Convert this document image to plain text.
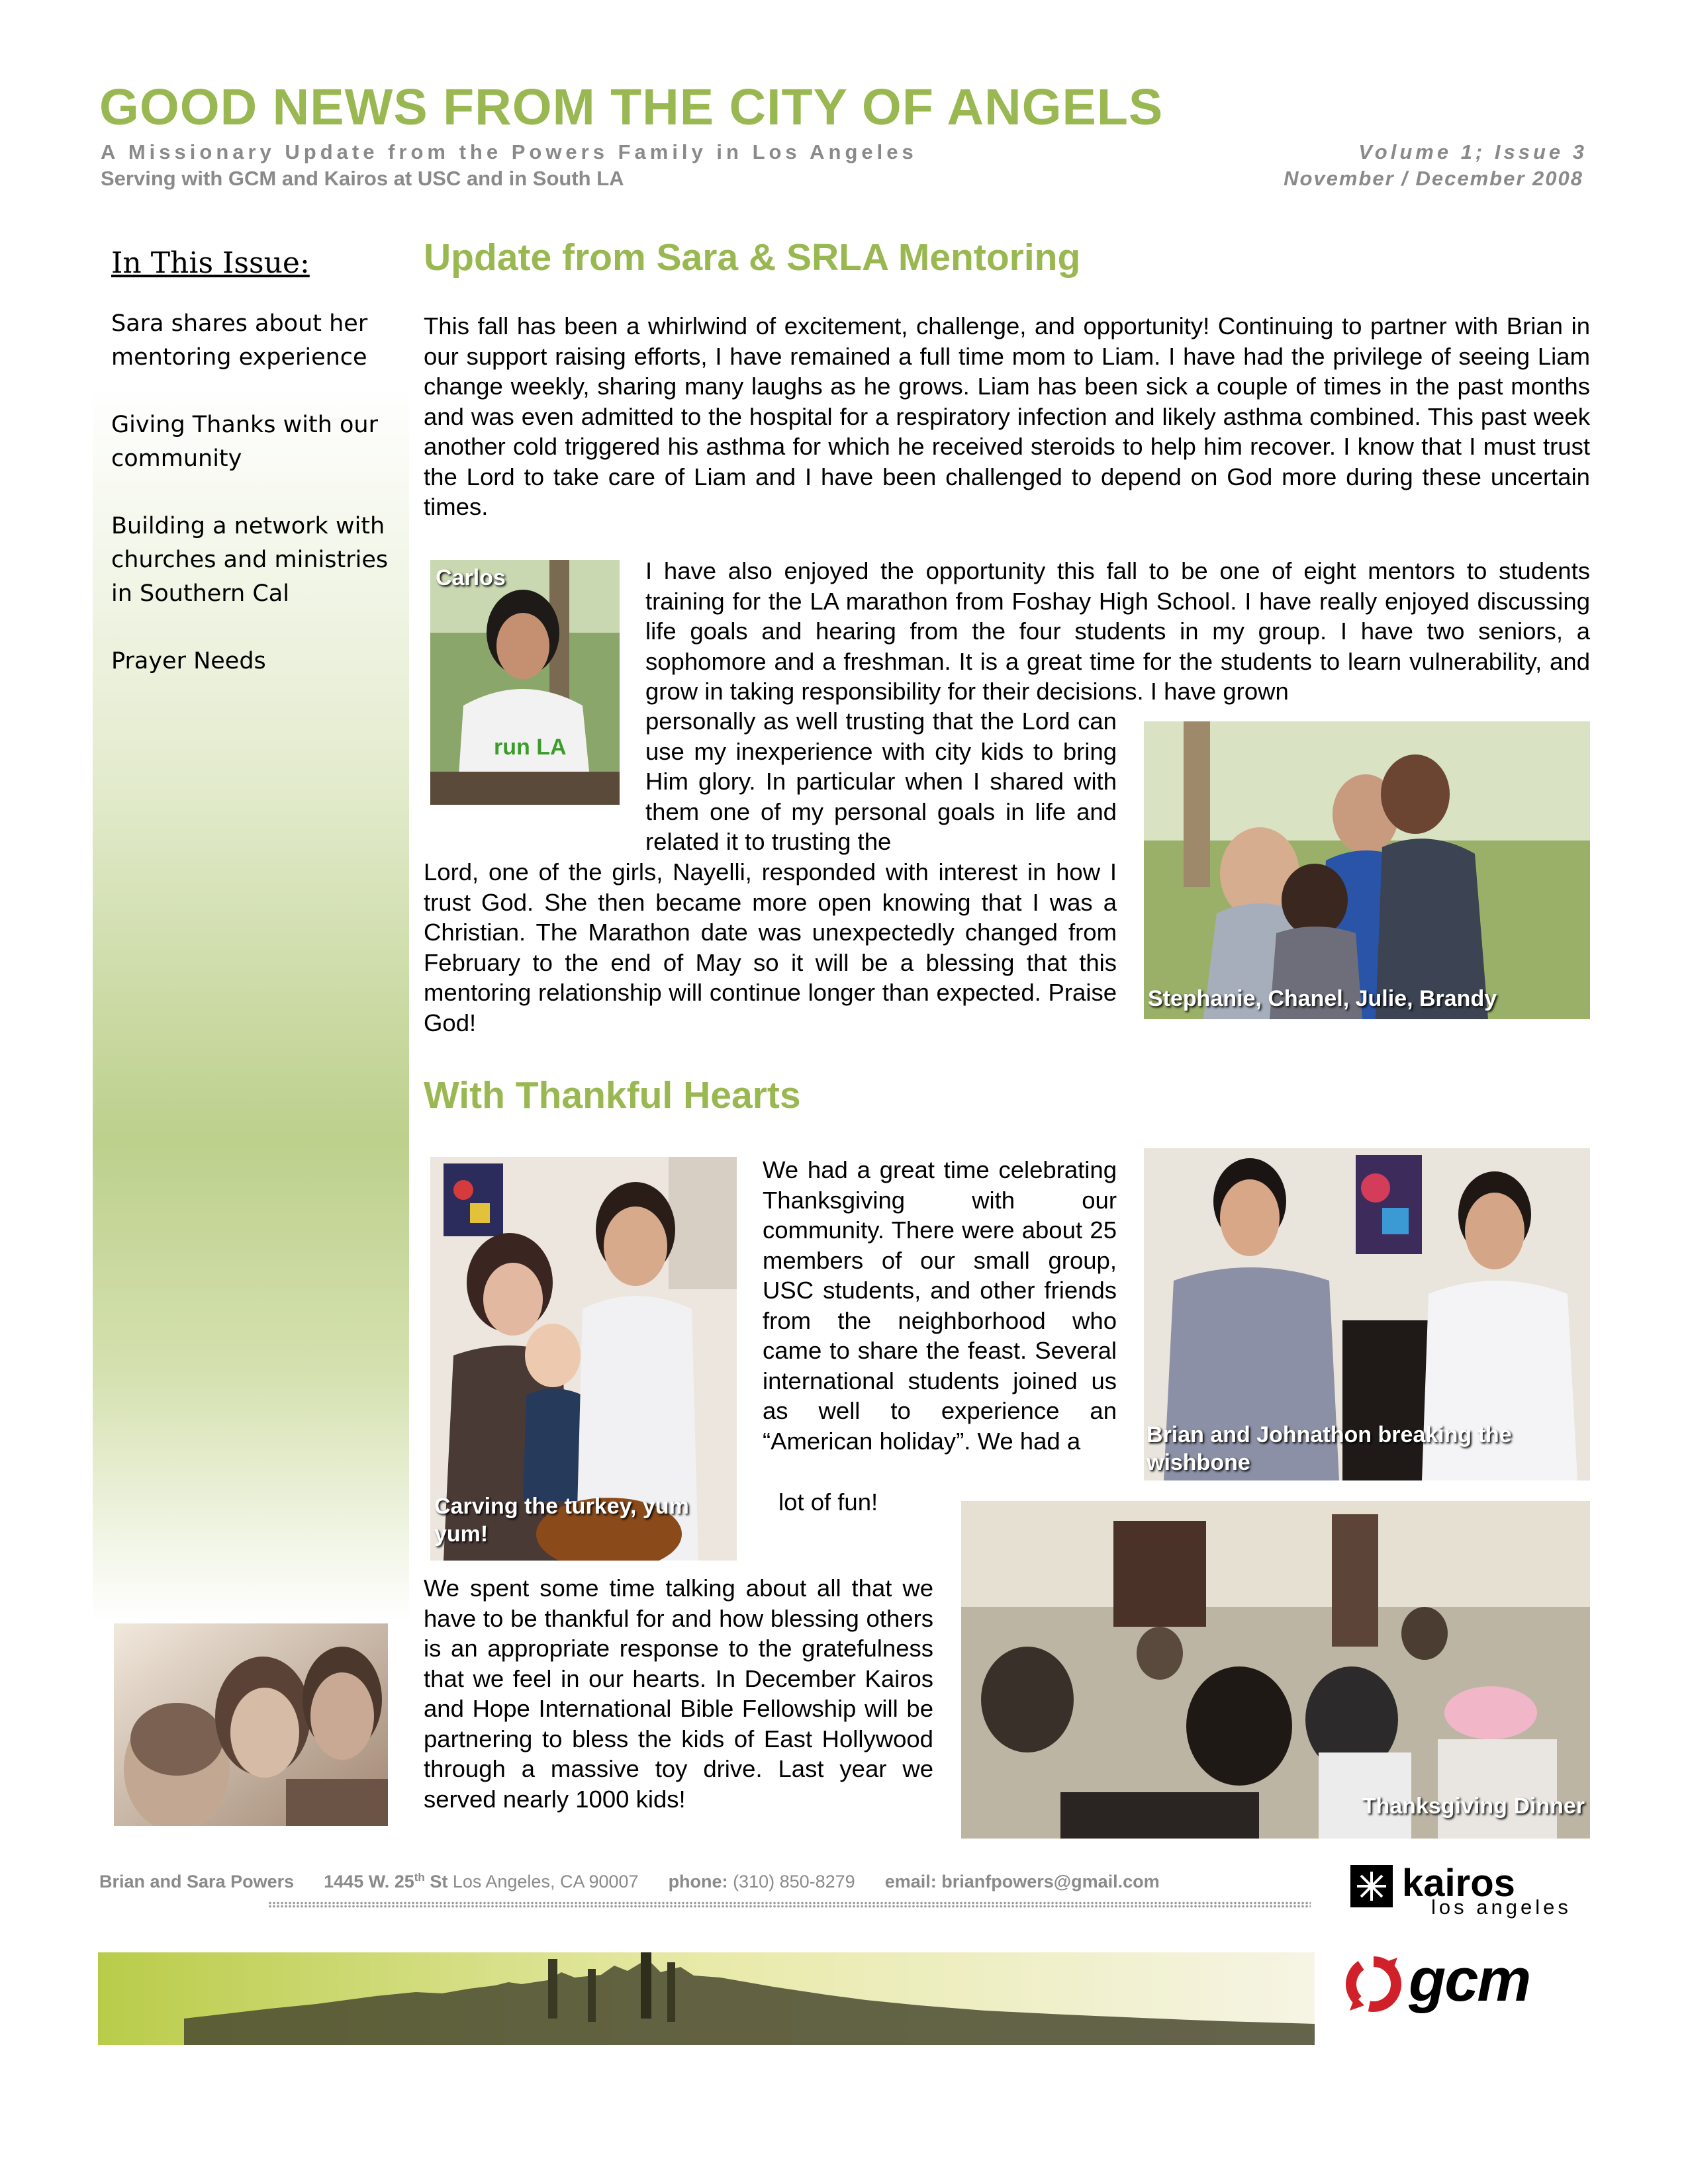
GOOD NEWS FROM THE CITY OF ANGELS
A Missionary Update from the Powers Family in Los Angeles
Serving with GCM and Kairos at USC and in South LA
Volume 1; Issue 3
November / December 2008
In This Issue:
Sara shares about her mentoring experience
Giving Thanks with our community
Building a network with churches and ministries in Southern Cal
Prayer Needs
Update from Sara & SRLA Mentoring

This fall has been a whirlwind of excitement, challenge, and opportunity! Continuing to partner with Brian in our support raising efforts, I have remained a full time mom to Liam. I have had the privilege of seeing Liam change weekly, sharing many laughs as he grows. Liam has been sick a couple of times in the past months and was even admitted to the hospital for a respiratory infection and likely asthma combined. This past week another cold triggered his asthma for which he received steroids to help him recover. I know that I must trust the Lord to take care of Liam and I have been challenged to depend on God more during these uncertain times.

Carlos
run LA

I have also enjoyed the opportunity this fall to be one of eight mentors to students training for the LA marathon from Foshay High School. I have really enjoyed discussing life goals and hearing from the four students in my group. I have two seniors, a sophomore and a freshman. It is a great time for the students to learn vulnerability, and grow in taking responsibility for their decisions. I have grown

personally as well trusting that the Lord can use my inexperience with city kids to bring Him glory. In particular when I shared with them one of my personal goals in life and related it to trusting the

Lord, one of the girls, Nayelli, responded with interest in how I trust God. She then became more open knowing that I was a Christian. The Marathon date was unexpectedly changed from February to the end of May so it will be a blessing that this mentoring relationship will continue longer than expected. Praise God!

Stephanie, Chanel, Julie, Brandy
With Thankful Hearts
Carving the turkey, yum yum!

We had a great time celebrating Thanksgiving with our community. There were about 25 members of our small group, USC students, and other friends from the neighborhood who came to share the feast. Several international students joined us as well to experience an “American holiday”. We had a

lot of fun!
Brian and Johnathon breaking the wishbone

We spent some time talking about all that we have to be thankful for and how blessing others is an appropriate response to the gratefulness that we feel in our hearts. In December Kairos and Hope International Bible Fellowship will be partnering to bless the kids of East Hollywood through a massive toy drive. Last year we served nearly 1000 kids!	Thanksgiving Dinner
Brian and Sara Powers 1445 W. 25th St Los Angeles, CA 90007 phone: (310) 850-8279 email: brianfpowers@gmail.com	kairos
los angeles
gcm
